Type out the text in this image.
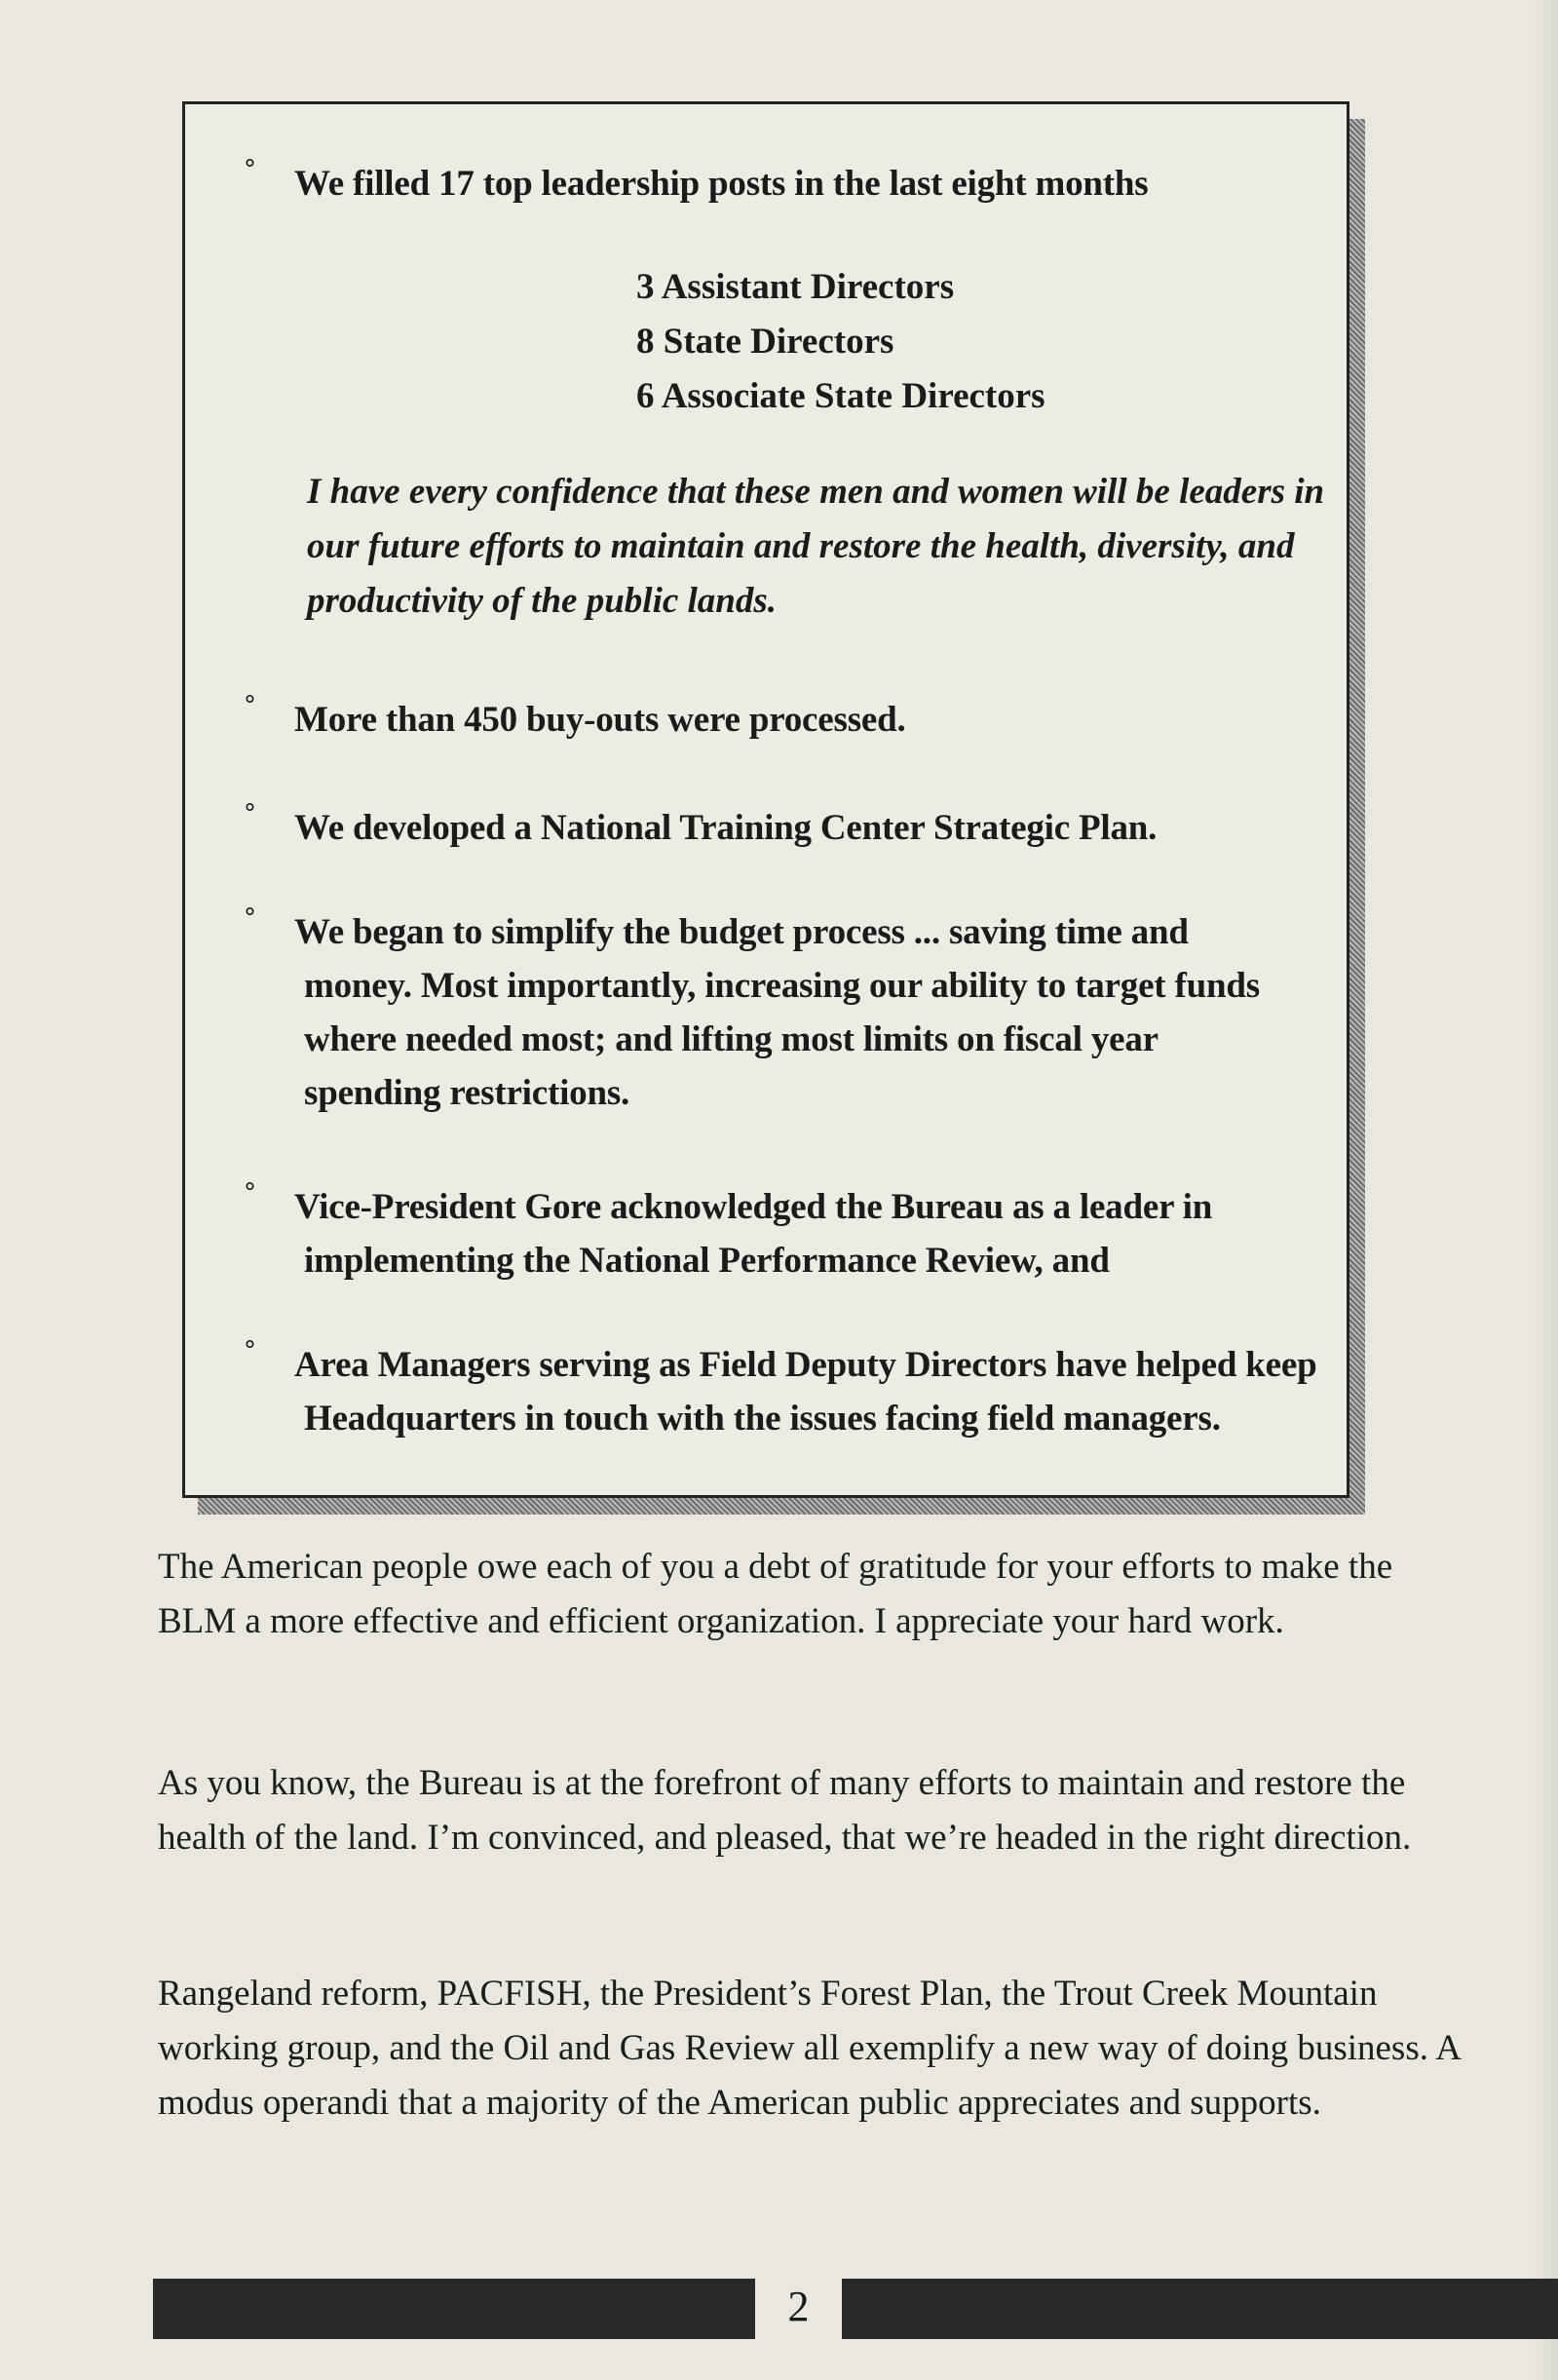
° We filled 17 top leadership posts in the last eight months
3 Assistant Directors
8 State Directors
6 Associate State Directors
I have every confidence that these men and women will be leaders in our future efforts to maintain and restore the health, diversity, and productivity of the public lands.
° More than 450 buy-outs were processed.
° We developed a National Training Center Strategic Plan.
° We began to simplify the budget process ... saving time and money. Most importantly, increasing our ability to target funds where needed most; and lifting most limits on fiscal year spending restrictions.
° Vice-President Gore acknowledged the Bureau as a leader in implementing the National Performance Review, and
° Area Managers serving as Field Deputy Directors have helped keep Headquarters in touch with the issues facing field managers.
The American people owe each of you a debt of gratitude for your efforts to make the BLM a more effective and efficient organization. I appreciate your hard work.
As you know, the Bureau is at the forefront of many efforts to maintain and restore the health of the land. I’m convinced, and pleased, that we’re headed in the right direction.
Rangeland reform, PACFISH, the President’s Forest Plan, the Trout Creek Mountain working group, and the Oil and Gas Review all exemplify a new way of doing business. A modus operandi that a majority of the American public appreciates and supports.
2
